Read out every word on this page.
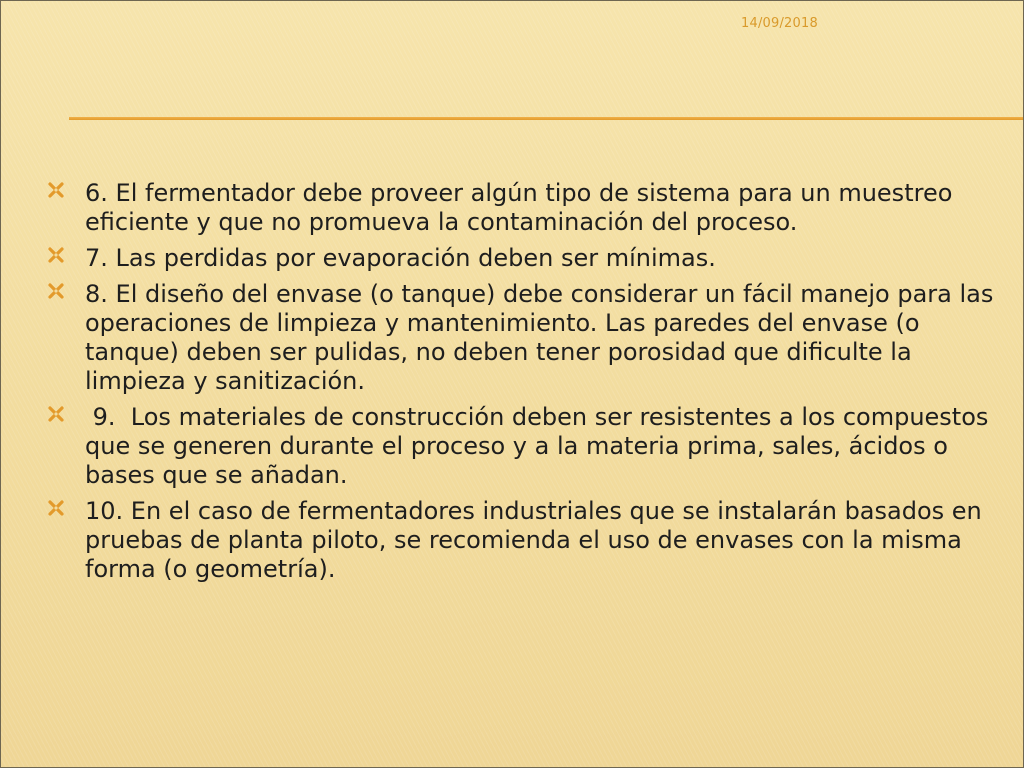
14/09/2018
6. El fermentador debe proveer algún tipo de sistema para un muestreo eficiente y que no promueva la contaminación del proceso.
7. Las perdidas por evaporación deben ser mínimas.
8. El diseño del envase (o tanque) debe considerar un fácil manejo para las operaciones de limpieza y mantenimiento. Las paredes del envase (o tanque) deben ser pulidas, no deben tener porosidad que dificulte la limpieza y sanitización.
9.  Los materiales de construcción deben ser resistentes a los compuestos que se generen durante el proceso y a la materia prima, sales, ácidos o bases que se añadan.
10. En el caso de fermentadores industriales que se instalarán basados en pruebas de planta piloto, se recomienda el uso de envases con la misma forma (o geometría).
